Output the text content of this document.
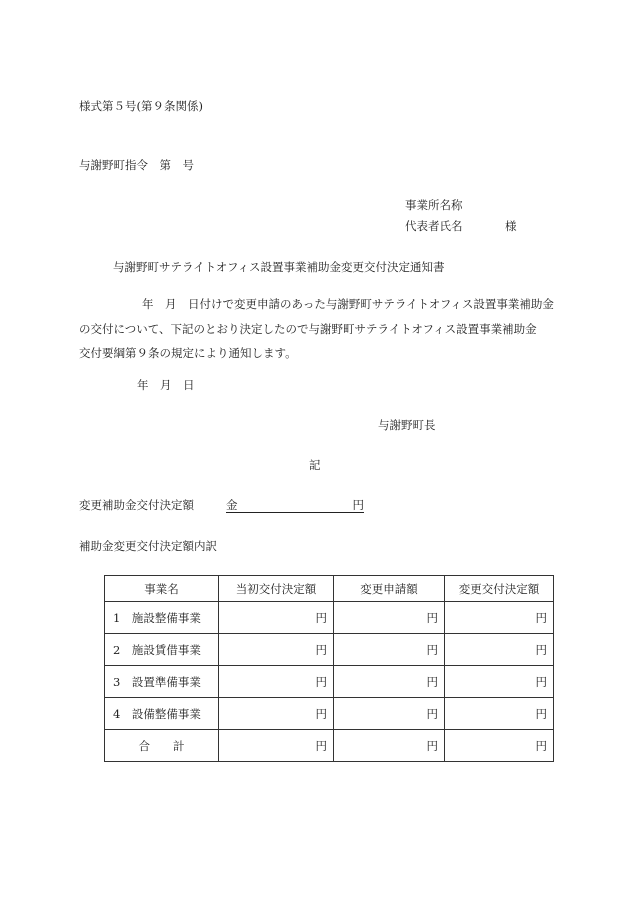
様式第５号(第９条関係)
与謝野町指令　第　号
事業所名称
代表者氏名	様
与謝野町サテライトオフィス設置事業補助金変更交付決定通知書
　　年　月　日付けで変更申請のあった与謝野町サテライトオフィス設置事業補助金
の交付について、下記のとおり決定したので与謝野町サテライトオフィス設置事業補助金
交付要綱第９条の規定により通知します。
年　月　日
与謝野町長
記
変更補助金交付決定額	金	円
補助金変更交付決定額内訳
事業名	当初交付決定額	変更申請額	変更交付決定額
1　 施設整備事業	円	円	円
2　 施設賃借事業	円	円	円
3　 設置準備事業	円	円	円
4　 設備整備事業	円	円	円
合　　計	円	円	円
